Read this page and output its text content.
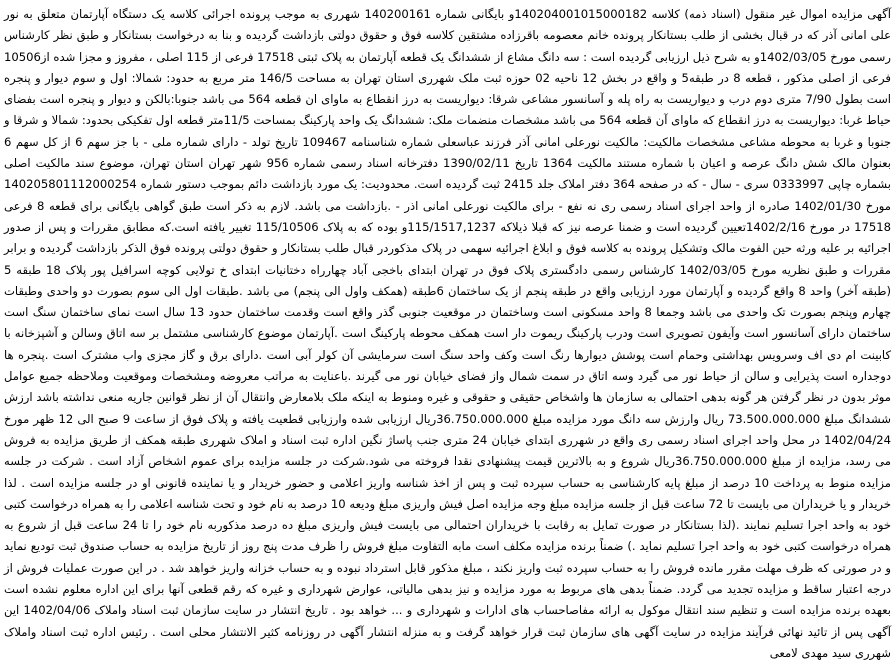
آگهی مزایده اموال غیر منقول (اسناد ذمه) کلاسه 140204001015000182و بایگانی شماره 140200161 شهرری به موجب پرونده اجرائی کلاسه یک دستگاه آپارتمان متعلق به نور علی امانی آذر که در قبال بخشی از طلب بستانکار پرونده خانم معصومه باقرزاده مشتقین کلاسه فوق و حقوق دولتی بازداشت گردیده و بنا به درخواست بستانکار و طبق نظر کارشناس رسمی مورخ 1402/03/05و به شرح ذیل ارزیابی گردیده است : سه دانگ مشاع از ششدانگ یک قطعه آپارتمان به پلاک ثبتی 17518 فرعی از 115 اصلی ، مفروز و مجزا شده از10506 فرعی از اصلی مذکور ، قطعه 8 در طبقه5 و واقع در بخش 12 ناحیه 02 حوزه ثبت ملک شهرری استان تهران به مساحت 146/5 متر مربع به حدود: شمالا: اول و سوم دیوار و پنجره است بطول 7/90 متری دوم درب و دیواریست به راه پله و آسانسور مشاعی شرقا: دیواریست به درز انقطاع به ماوای ان قطعه 564 می باشد جنوبا:بالکن و دیوار و پنجره است بفضای حیاط غربا: دیواریست به درز انقطاع که ماوای آن قطعه 564 می باشد مشخصات منضمات ملک: ششدانگ یک واحد پارکینگ بمساحت 11/5متر قطعه اول تفکیکی بحدود: شمالا و شرقا و جنوبا و غربا به محوطه مشاعی مشخصات مالکیت: مالکیت نورعلی امانی آذر فرزند عباسعلی شماره شناسنامه 109467 تاریخ تولد - دارای شماره ملی - با جز سهم 6 از کل سهم 6 بعنوان مالک شش دانگ عرصه و اعیان با شماره مستند مالکیت 1364 تاریخ 1390/02/11 دفترخانه اسناد رسمی شماره 956 شهر تهران استان تهران، موضوع سند مالکیت اصلی بشماره چاپی 0333997 سری - سال - که در صفحه 364 دفتر املاک جلد 2415 ثبت گردیده است. محدودیت: یک مورد بازداشت دائم بموجب دستور شماره 140205801112000254 مورخ 1402/01/30 صادره از واحد اجرای اسناد رسمی ری نه نفع - برای مالکیت نورعلی امانی اذر - .بازداشت می باشد. لازم به ذکر است طبق گواهی بایگانی برای قطعه 8 فرعی 17518 در مورخ 1402/2/16تعیین گردیده است و ضمنا عرصه نیز که قبلا ذیلاکه 115/1517,1237و بوده که به پلاک 115/10506 تغییر یافته است.که مطابق مقررات و پس از صدور اجرائیه بر علیه ورثه حین الفوت مالک وتشکیل پرونده به کلاسه فوق و ابلاغ اجرائیه سهمی در پلاک مذکوردر قبال طلب بستانکار و حقوق دولتی پرونده فوق الذکر بازداشت گردیده و برابر مقررات و طبق نظریه مورخ 1402/03/05 کارشناس رسمی دادگستری پلاک فوق در تهران ابتدای باخجی آباد چهارراه دختانیات ابتدای خ تولایی کوچه اسرافیل پور پلاک 18 طبقه 5 (طبقه آخر) واحد 8 واقع گردیده و آپارتمان مورد ارزیابی واقع در طبقه پنجم از یک ساختمان 6طبقه (همکف واول الی پنجم) می باشد .طبقات اول الی سوم بصورت دو واحدی وطبقات چهارم وپنجم بصورت تک واحدی می باشد وجمعا 8 واحد مسکونی است وساختمان در موقعیت جنوبی گذر واقع است وقدمت ساختمان حدود 13 سال است نمای ساختمان سنگ است ساختمان دارای آسانسور است وآیفون تصویری است ودرب پارکینگ ریموت دار است همکف محوطه پارکینگ است .آپارتمان موضوع کارشناسی مشتمل بر سه اتاق وسالن و آشپزخانه با کابینت ام دی اف وسرویس بهداشتی وحمام است پوشش دیوارها رنگ است وکف واحد سنگ است سرمایشی آن کولر آبی است .دارای برق و گاز مجزی واب مشترک است .پنجره ها دوجداره است پذیرایی و سالن از حیاط نور می گیرد وسه اتاق در سمت شمال واز فضای خیابان نور می گیرند .باعنایت به مراتب معروضه ومشخصات وموقعیت وملاحظه جمیع عوامل موثر بدون در نظر گرفتن هر گونه بدهی احتمالی به سازمان ها واشخاص حقیقی و حقوقی و غیره ومنوط به اینکه ملک بلامعارض وانتقال آن از نظر قوانین جاریه منعی نداشته باشد ارزش ششدانگ مبلغ 73.500.000.000 ریال وارزش سه دانگ مورد مزایده مبلغ 36.750.000.000ریال ارزیابی شده وارزیابی قطعیت یافته و پلاک فوق از ساعت 9 صبح الی 12 ظهر مورخ 1402/04/24 در محل واحد اجرای اسناد رسمی ری واقع در شهرری ابتدای خیابان 24 متری جنب پاساژ نگین اداره ثبت اسناد و املاک شهرری طبقه همکف از طریق مزایده به فروش می رسد، مزایده از مبلغ 36.750.000.000ریال شروع و به بالاترین قیمت پیشنهادی نقدا فروخته می شود.شرکت در جلسه مزایده برای عموم اشخاص آزاد است . شرکت در جلسه مزایده منوط به پرداخت 10 درصد از مبلغ پایه کارشناسی به حساب سپرده ثبت و پس از اخذ شناسه واریز اعلامی و حضور خریدار و یا نماینده قانونی او در جلسه مزایده است . لذا خریدار و یا خریداران می بایست تا 72 ساعت قبل از جلسه مزایده مبلغ وجه مزایده اصل فیش واریزی مبلغ ودیعه 10 درصد به نام خود و تحت شناسه اعلامی را به همراه درخواست کتبی خود به واحد اجرا تسلیم نمایند .(لذا بستانکار در صورت تمایل به رقابت با خریداران احتمالی می بایست فیش واریزی مبلغ ده درصد مذکوربه نام خود را تا 24 ساعت قبل از شروع به همراه درخواست کتبی خود به واحد اجرا تسلیم نماید .) ضمناً برنده مزایده مکلف است مابه التفاوت مبلغ فروش را ظرف مدت پنج روز از تاریخ مزایده به حساب صندوق ثبت تودیع نماید و در صورتی که ظرف مهلت مقرر مانده فروش را به حساب سپرده ثبت واریز نکند ، مبلغ مذکور قابل استرداد نبوده و به حساب خزانه واریز خواهد شد . در این صورت عملیات فروش از درجه اعتبار ساقط و مزایده تجدید می گردد. ضمناً بدهی های مربوط به مورد مزایده و نیز بدهی مالیاتی، عوارض شهرداری و غیره که رقم قطعی آنها برای این اداره معلوم نشده است بعهده برنده مزایده است و تنظیم سند انتقال موکول به ارائه مفاصاحساب های ادارات و شهرداری و ... خواهد بود . تاریخ انتشار در سایت سازمان ثبت اسناد واملاک 1402/04/06 این آگهی پس از تائید نهائی فرآیند مزایده در سایت آگهی های سازمان ثبت قرار خواهد گرفت و به منزله انتشار آگهی در روزنامه کثیر الانتشار محلی است . رئیس اداره ثبت اسناد واملاک شهرری سید مهدی لامعی
